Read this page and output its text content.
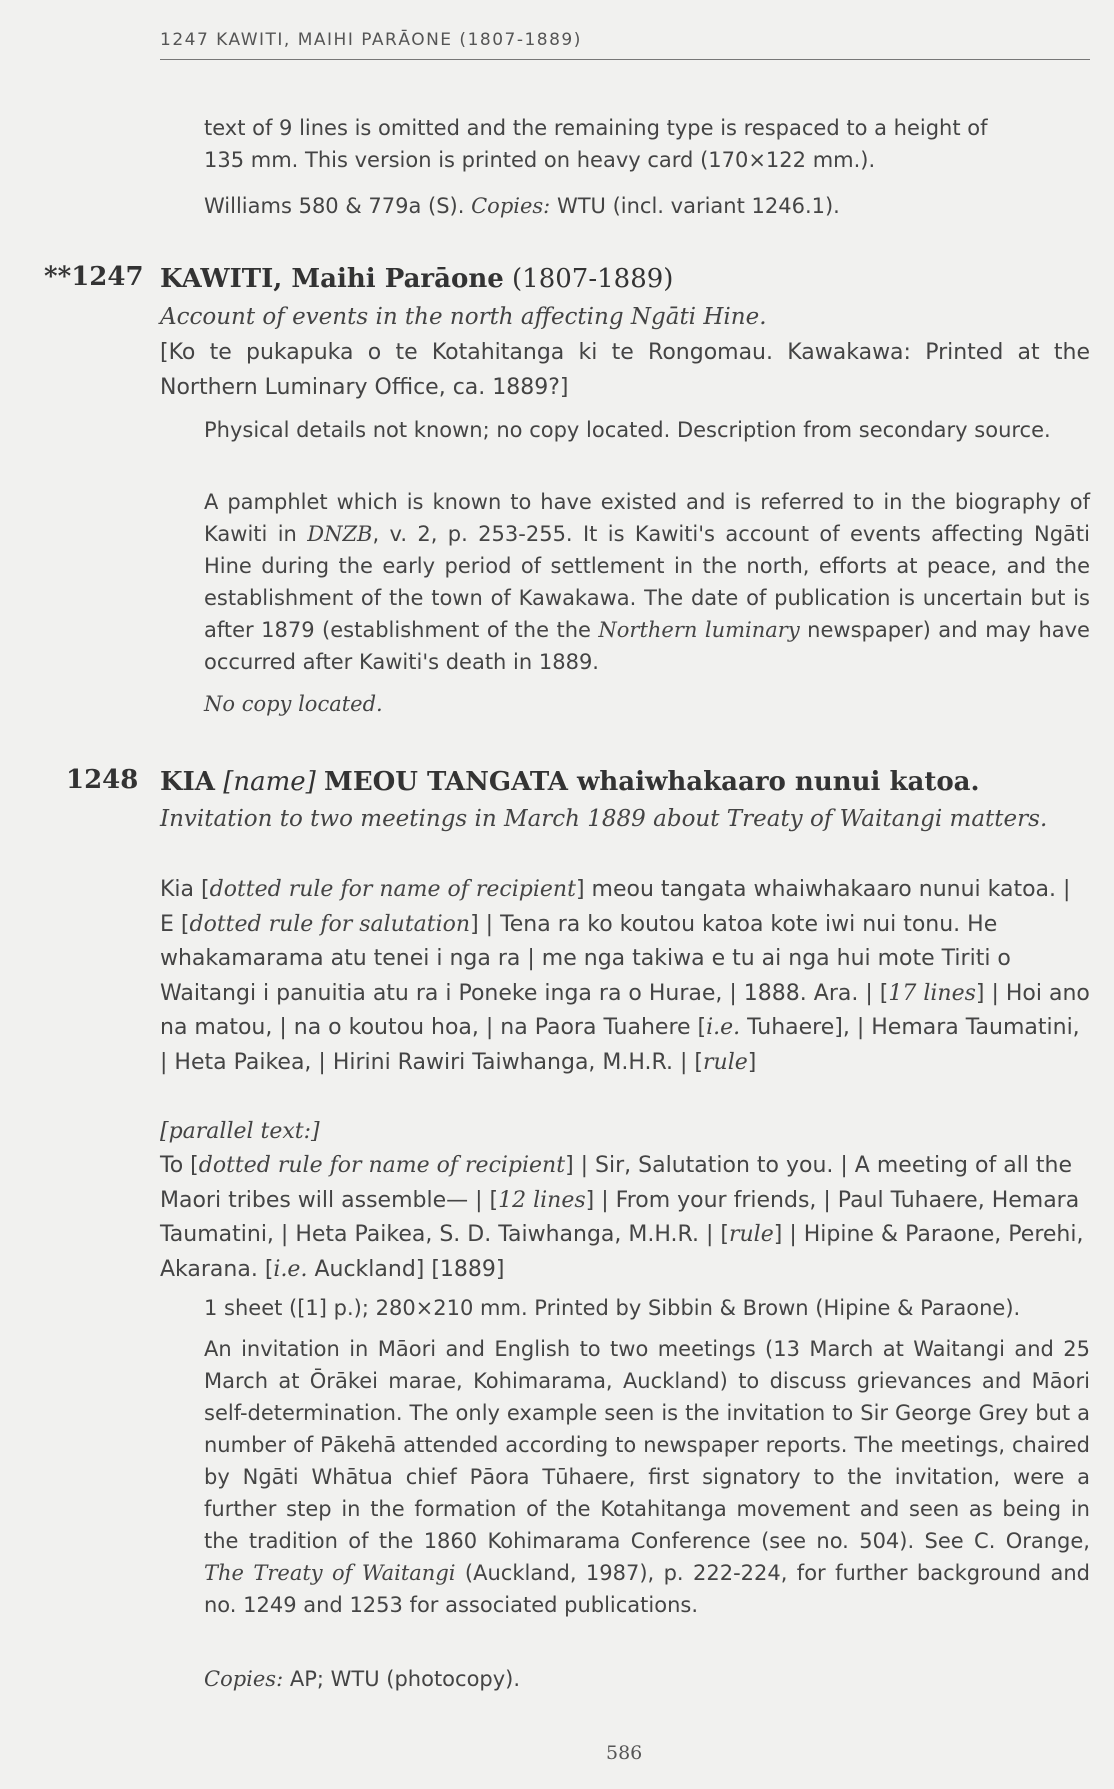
1247 KAWITI, MAIHI PARĀONE (1807-1889)
text of 9 lines is omitted and the remaining type is respaced to a height of
135 mm. This version is printed on heavy card (170×122 mm.).
Williams 580 & 779a (S). Copies: WTU (incl. variant 1246.1).
**1247 KAWITI, Maihi Parāone (1807-1889)
Account of events in the north affecting Ngāti Hine.
[Ko te pukapuka o te Kotahitanga ki te Rongomau. Kawakawa: Printed at the Northern Luminary Office, ca. 1889?]
Physical details not known; no copy located. Description from secondary source.
A pamphlet which is known to have existed and is referred to in the biography of Kawiti in DNZB, v. 2, p. 253-255. It is Kawiti's account of events affecting Ngāti Hine during the early period of settlement in the north, efforts at peace, and the establishment of the town of Kawakawa. The date of publication is uncertain but is after 1879 (establishment of the the Northern luminary newspaper) and may have occurred after Kawiti's death in 1889.
No copy located.
1248 KIA [name] MEOU TANGATA whaiwhakaaro nunui katoa.
Invitation to two meetings in March 1889 about Treaty of Waitangi matters.
Kia [dotted rule for name of recipient] meou tangata whaiwhakaaro nunui katoa. | E [dotted rule for salutation] | Tena ra ko koutou katoa kote iwi nui tonu. He whakamarama atu tenei i nga ra | me nga takiwa e tu ai nga hui mote Tiriti o Waitangi i panuitia atu ra i Poneke inga ra o Hurae, | 1888. Ara. | [17 lines] | Hoi ano na matou, | na o koutou hoa, | na Paora Tuahere [i.e. Tuhaere], | Hemara Taumatini, | Heta Paikea, | Hirini Rawiri Taiwhanga, M.H.R. | [rule]
[parallel text:]
To [dotted rule for name of recipient] | Sir, Salutation to you. | A meeting of all the Maori tribes will assemble— | [12 lines] | From your friends, | Paul Tuhaere, Hemara Taumatini, | Heta Paikea, S. D. Taiwhanga, M.H.R. | [rule] | Hipine & Paraone, Perehi, Akarana. [i.e. Auckland] [1889]
1 sheet ([1] p.); 280×210 mm. Printed by Sibbin & Brown (Hipine & Paraone).
An invitation in Māori and English to two meetings (13 March at Waitangi and 25 March at Ōrākei marae, Kohimarama, Auckland) to discuss grievances and Māori self-determination. The only example seen is the invitation to Sir George Grey but a number of Pākehā attended according to newspaper reports. The meetings, chaired by Ngāti Whātua chief Pāora Tūhaere, first signatory to the invitation, were a further step in the formation of the Kotahitanga movement and seen as being in the tradition of the 1860 Kohimarama Conference (see no. 504). See C. Orange, The Treaty of Waitangi (Auckland, 1987), p. 222-224, for further background and no. 1249 and 1253 for associated publications.
Copies: AP; WTU (photocopy).
586
